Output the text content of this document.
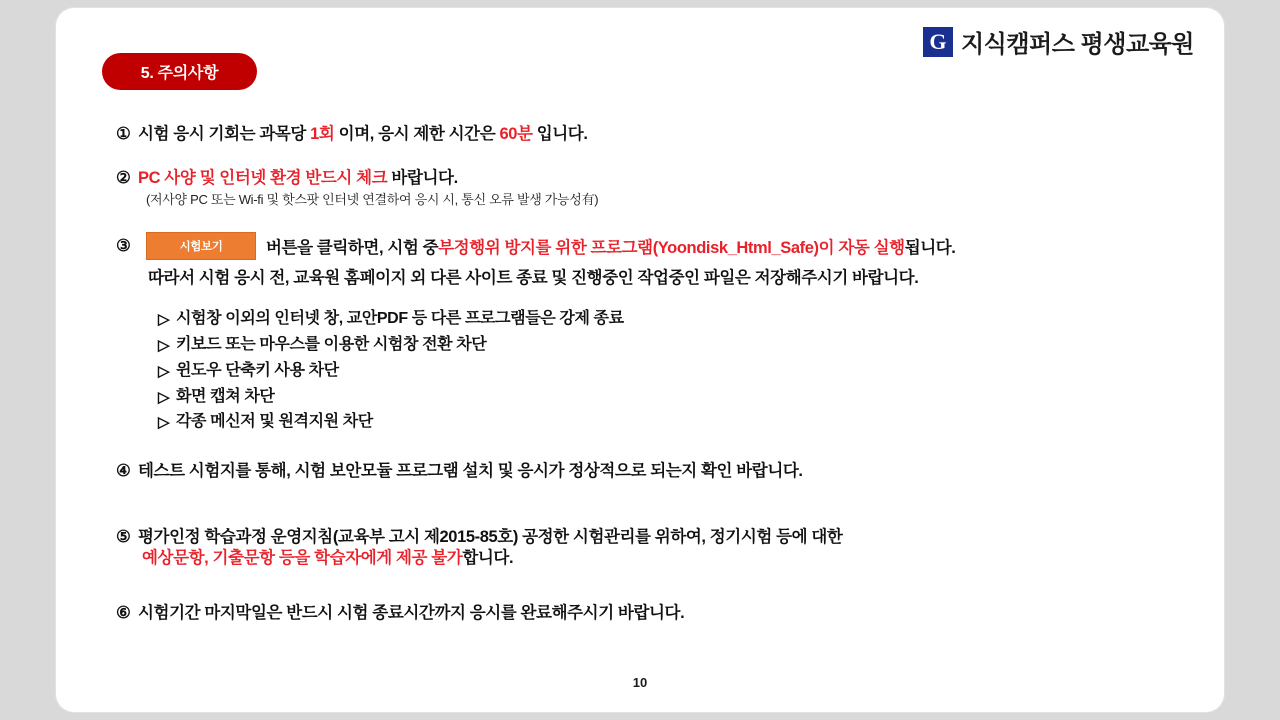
G 지식캠퍼스 평생교육원
5. 주의사항
① 시험 응시 기회는 과목당 1회 이며, 응시 제한 시간은 60분 입니다.
② PC 사양 및 인터넷 환경 반드시 체크 바랍니다.
(저사양 PC 또는 Wi-fi 및 핫스팟 인터넷 연결하여 응시 시, 통신 오류 발생 가능성有)
③	시험보기	버튼을 클릭하면, 시험 중 부정행위 방지를 위한 프로그램(Yoondisk_Html_Safe) 이 자동 실행 됩니다.
따라서 시험 응시 전, 교육원 홈페이지 외 다른 사이트 종료 및 진행중인 작업중인 파일은 저장해주시기 바랍니다.
▷
시험창 이외의 인터넷 창, 교안PDF 등 다른 프로그램들은 강제 종료
▷
키보드 또는 마우스를 이용한 시험창 전환 차단
▷
윈도우 단축키 사용 차단
▷
화면 캡쳐 차단
▷
각종 메신저 및 원격지원 차단
④ 테스트 시험지를 통해, 시험 보안모듈 프로그램 설치 및 응시가 정상적으로 되는지 확인 바랍니다.
⑤ 평가인정 학습과정 운영지침(교육부 고시 제2015-85호) 공정한 시험관리를 위하여, 정기시험 등에 대한
예상문항, 기출문항 등을 학습자에게 제공 불가합니다.
⑥ 시험기간 마지막일은 반드시 시험 종료시간까지 응시를 완료해주시기 바랍니다.
10
